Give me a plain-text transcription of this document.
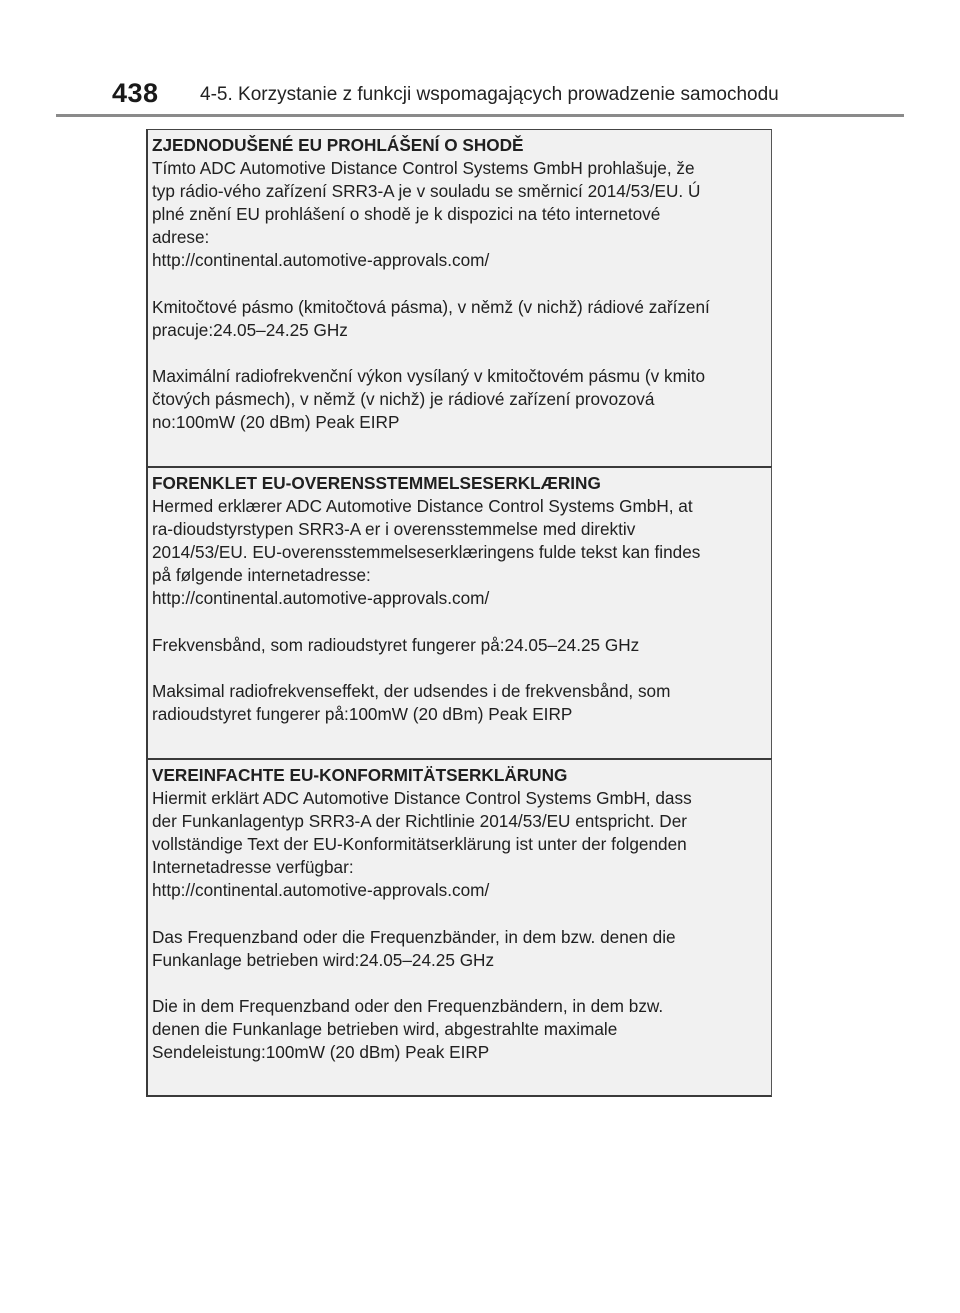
438 4-5. Korzystanie z funkcji wspomagających prowadzenie samochodu

ZJEDNODUŠENÉ EU PROHLÁŠENÍ O SHODĚ

Tímto ADC Automotive Distance Control Systems GmbH prohlašuje, že

typ rádio-vého zařízení SRR3-A je v souladu se směrnicí 2014/53/EU. Ú

plné znění EU prohlášení o shodě je k dispozici na této internetové

adrese:

http://continental.automotive-approvals.com/

Kmitočtové pásmo (kmitočtová pásma), v němž (v nichž) rádiové zařízení

pracuje:24.05–24.25 GHz

Maximální radiofrekvenční výkon vysílaný v kmitočtovém pásmu (v kmito

čtových pásmech), v němž (v nichž) je rádiové zařízení provozová

no:100mW (20 dBm) Peak EIRP

FORENKLET EU-OVERENSSTEMMELSESERKLÆRING

Hermed erklærer ADC Automotive Distance Control Systems GmbH, at

ra-dioudstyrstypen SRR3-A er i overensstemmelse med direktiv

2014/53/EU. EU-overensstemmelseserklæringens fulde tekst kan findes

på følgende internetadresse:

http://continental.automotive-approvals.com/

Frekvensbånd, som radioudstyret fungerer på:24.05–24.25 GHz

Maksimal radiofrekvenseffekt, der udsendes i de frekvensbånd, som

radioudstyret fungerer på:100mW (20 dBm) Peak EIRP

VEREINFACHTE EU-KONFORMITÄTSERKLÄRUNG

Hiermit erklärt ADC Automotive Distance Control Systems GmbH, dass

der Funkanlagentyp SRR3-A der Richtlinie 2014/53/EU entspricht. Der

vollständige Text der EU-Konformitätserklärung ist unter der folgenden

Internetadresse verfügbar:

http://continental.automotive-approvals.com/

Das Frequenzband oder die Frequenzbänder, in dem bzw. denen die

Funkanlage betrieben wird:24.05–24.25 GHz

Die in dem Frequenzband oder den Frequenzbändern, in dem bzw.

denen die Funkanlage betrieben wird, abgestrahlte maximale

Sendeleistung:100mW (20 dBm) Peak EIRP
